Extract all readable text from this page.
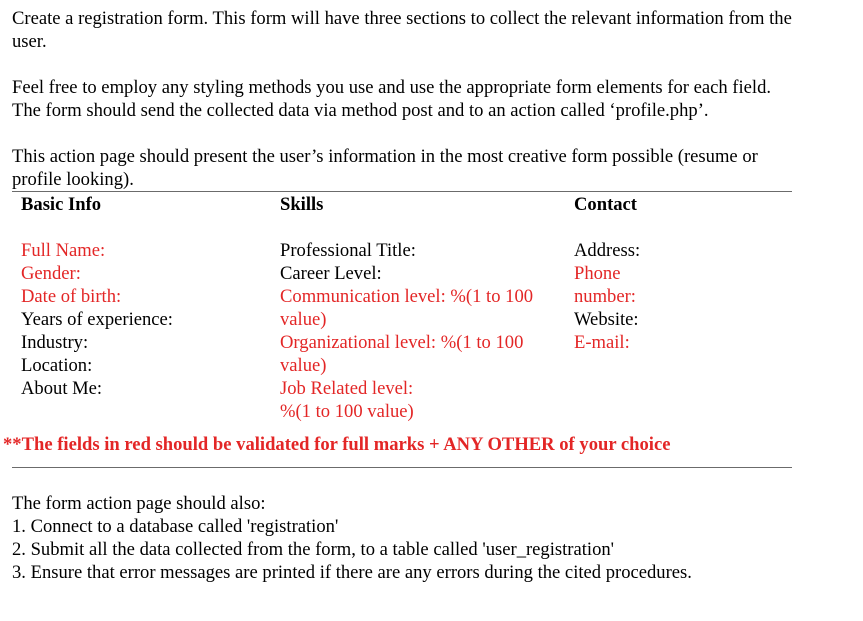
Create a registration form. This form will have three sections to collect the relevant information from the
user.
Feel free to employ any styling methods you use and use the appropriate form elements for each field.
The form should send the collected data via method post and to an action called ‘profile.php’.
This action page should present the user’s information in the most creative form possible (resume or
profile looking).
Basic Info	Skills	Contact
Full Name:
Gender:
Date of birth:
Years of experience:
Industry:
Location:
About Me:
Professional Title:
Career Level:
Communication level: %(1 to 100
value)
Organizational level: %(1 to 100
value)
Job Related level:
%(1 to 100 value)
Address:
Phone
number:
Website:
E-mail:
**The fields in red should be validated for full marks + ANY OTHER of your choice
The form action page should also:
1. Connect to a database called 'registration'
2. Submit all the data collected from the form, to a table called 'user_registration'
3. Ensure that error messages are printed if there are any errors during the cited procedures.
